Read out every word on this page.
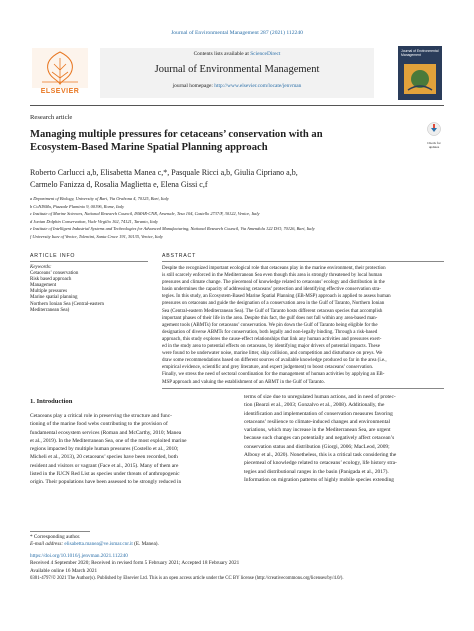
Journal of Environmental Management 287 (2021) 112240
ELSEVIER
Contents lists available at ScienceDirect
Journal of Environmental Management
journal homepage: http://www.elsevier.com/locate/jenvman
Journal of Environmental Management
Research article
Check for updates
Managing multiple pressures for cetaceans’ conservation with an
Ecosystem-Based Marine Spatial Planning approach
Roberto Carlucci a,b, Elisabetta Manea c,*, Pasquale Ricci a,b, Giulia Cipriano a,b,
Carmelo Fanizza d, Rosalia Maglietta e, Elena Gissi c,f
a Department of Biology, University of Bari, Via Orabona 4, 70125, Bari, Italy
b CoNISMa, Piazzale Flaminio 9, 00196, Rome, Italy
c Institute of Marine Sciences, National Research Council, ISMAR-CNR, Arsenale, Tesa 104, Castello 2737/F, 30122, Venice, Italy
d Jonian Dolphin Conservation, Viale Virgilio 102, 74121, Taranto, Italy
e Institute of Intelligent Industrial Systems and Technologies for Advanced Manufacturing, National Research Council, Via Amendola 122 D/O, 70126, Bari, Italy
f University Iuav of Venice, Tolentini, Santa Croce 191, 30135, Venice, Italy
ARTICLE INFO	ABSTRACT
Keywords:
Cetaceans’ conservation
Risk based approach
Management
Multiple pressures
Marine spatial planning
Northern Ionian Sea (Central-eastern
Mediterranean Sea)
Despite the recognized important ecological role that cetaceans play in the marine environment, their protection
is still scarcely enforced in the Mediterranean Sea even though this area is strongly threatened by local human
pressures and climate change. The piecemeal of knowledge related to cetaceans’ ecology and distribution in the
basin undermines the capacity of addressing cetaceans’ protection and identifying effective conservation stra-
tegies. In this study, an Ecosystem-Based Marine Spatial Planning (EB-MSP) approach is applied to assess human
pressures on cetaceans and guide the designation of a conservation area in the Gulf of Taranto, Northern Ionian
Sea (Central-eastern Mediterranean Sea). The Gulf of Taranto hosts different cetacean species that accomplish
important phases of their life in the area. Despite this fact, the gulf does not fall within any area-based man-
agement tools (ABMTs) for cetaceans’ conservation. We pin down the Gulf of Taranto being eligible for the
designation of diverse ABMTs for conservation, both legally and non-legally binding. Through a risk-based
approach, this study explores the cause-effect relationships that link any human activities and pressures exert-
ed in the study area to potential effects on cetaceans, by identifying major drivers of potential impacts. These
were found to be underwater noise, marine litter, ship collision, and competition and disturbance on preys. We
draw some recommendations based on different sources of available knowledge produced so far in the area (i.e.,
empirical evidence, scientific and grey literature, and expert judgement) to boost cetaceans’ conservation.
Finally, we stress the need of sectoral coordination for the management of human activities by applying an EB-
MSP approach and valuing the establishment of an ABMT in the Gulf of Taranto.
1. Introduction
Cetaceans play a critical role in preserving the structure and func-
tioning of the marine food webs contributing to the provision of
fundamental ecosystem services (Roman and McCarthy, 2010; Manea
et al., 2019). In the Mediterranean Sea, one of the most exploited marine
regions impacted by multiple human pressures (Costello et al., 2010;
Micheli et al., 2013), 20 cetaceans’ species have been recorded, both
resident and visitors or vagrant (Face et al., 2015). Many of them are
listed in the IUCN Red List as species under threats of anthropogenic
origin. Their populations have been assessed to be strongly reduced in
terms of size due to unregulated human actions, and in need of protec-
tion (Bearzi et al., 2003; Gonzalvo et al., 2008). Additionally, the
identification and implementation of conservation measures favoring
cetaceans’ resilience to climate-induced changes and environmental
variations, which may increase in the Mediterranean Sea, are urgent
because such changes can potentially and negatively affect cetacean’s
conservation status and distribution (Giorgi, 2006; MacLeod, 2009;
Albouy et al., 2020). Nonetheless, this is a critical task considering the
piecemeal of knowledge related to cetaceans’ ecology, life history stra-
tegies and distributional ranges in the basin (Panigada et al., 2017).
Information on migration patterns of highly mobile species extending
* Corresponding author.
E-mail address: elisabetta.manea@ve.ismar.cnr.it (E. Manea).
https://doi.org/10.1016/j.jenvman.2021.112240
Received 4 September 2020; Received in revised form 5 February 2021; Accepted 18 February 2021
Available online 16 March 2021
0301-4797/© 2021 The Author(s). Published by Elsevier Ltd. This is an open access article under the CC BY license (http://creativecommons.org/licenses/by/4.0/).
